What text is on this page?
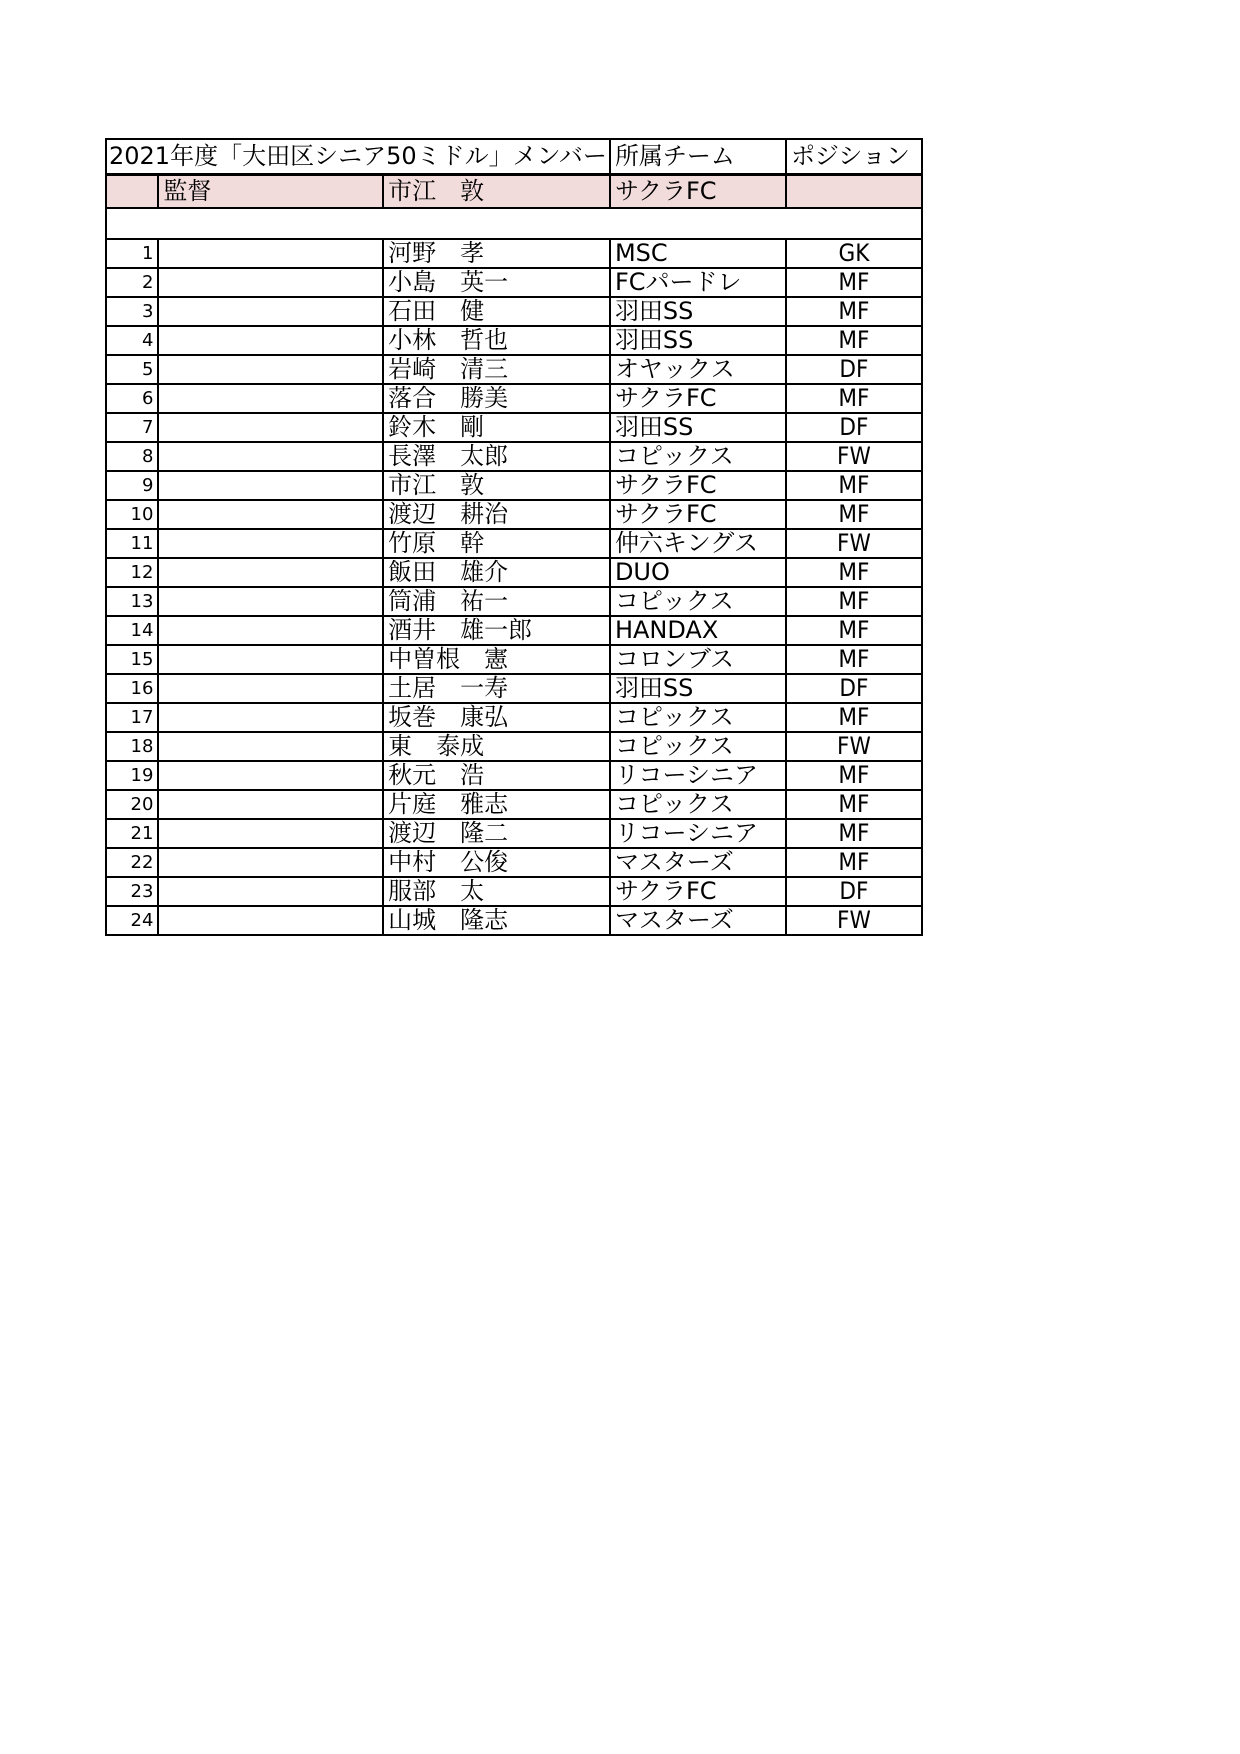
2021年度「大田区シニア50ミドル」メンバー			所属チーム	ポジション
	監督	市江　敦	サクラFC	

1		河野　孝	MSC	GK
2		小島　英一	FCパードレ	MF
3		石田　健	羽田SS	MF
4		小林　哲也	羽田SS	MF
5		岩崎　清三	オヤックス	DF
6		落合　勝美	サクラFC	MF
7		鈴木　剛	羽田SS	DF
8		長澤　太郎	コピックス	FW
9		市江　敦	サクラFC	MF
10		渡辺　耕治	サクラFC	MF
11		竹原　幹	仲六キングス	FW
12		飯田　雄介	DUO	MF
13		筒浦　祐一	コピックス	MF
14		酒井　雄一郎	HANDAX	MF
15		中曽根　憲	コロンブス	MF
16		土居　一寿	羽田SS	DF
17		坂巻　康弘	コピックス	MF
18		東　泰成	コピックス	FW
19		秋元　浩	リコーシニア	MF
20		片庭　雅志	コピックス	MF
21		渡辺　隆二	リコーシニア	MF
22		中村　公俊	マスターズ	MF
23		服部　太	サクラFC	DF
24		山城　隆志	マスターズ	FW
